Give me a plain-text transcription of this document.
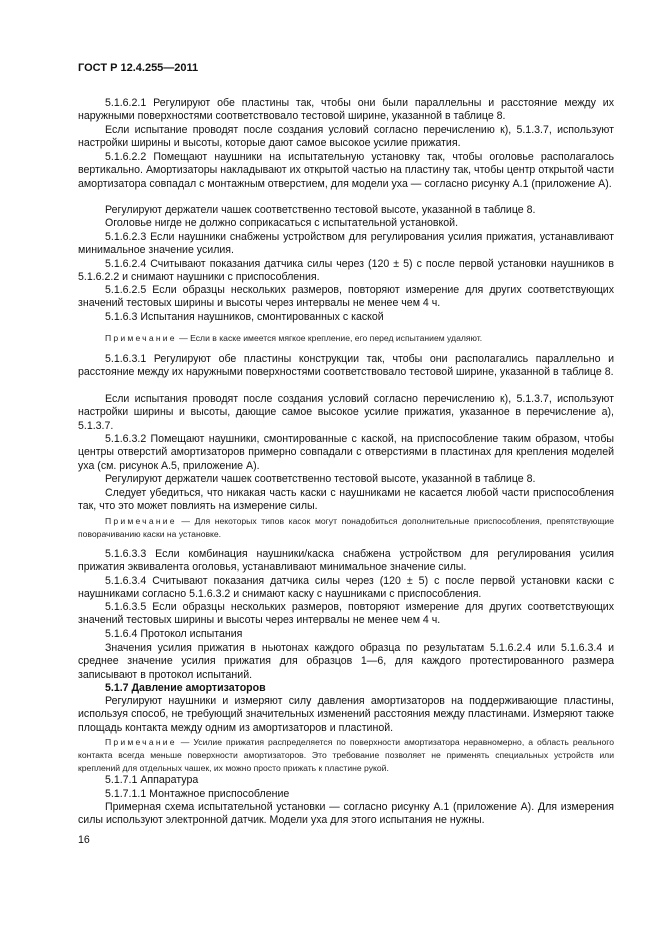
ГОСТ Р 12.4.255—2011
5.1.6.2.1 Регулируют обе пластины так, чтобы они были параллельны и расстояние между их наружными поверхностями соответствовало тестовой ширине, указанной в таблице 8.
Если испытание проводят после создания условий согласно перечислению к), 5.1.3.7, используют настройки ширины и высоты, которые дают самое высокое усилие прижатия.
5.1.6.2.2 Помещают наушники на испытательную установку так, чтобы оголовье располагалось вертикально. Амортизаторы накладывают их открытой частью на пластину так, чтобы центр открытой части амортизатора совпадал с монтажным отверстием, для модели уха — согласно рисунку А.1 (приложение А).
Регулируют держатели чашек соответственно тестовой высоте, указанной в таблице 8.
Оголовье нигде не должно соприкасаться с испытательной установкой.
5.1.6.2.3 Если наушники снабжены устройством для регулирования усилия прижатия, устанавливают минимальное значение усилия.
5.1.6.2.4 Считывают показания датчика силы через (120 ± 5) с после первой установки наушников в 5.1.6.2.2 и снимают наушники с приспособления.
5.1.6.2.5 Если образцы нескольких размеров, повторяют измерение для других соответствующих значений тестовых ширины и высоты через интервалы не менее чем 4 ч.
5.1.6.3 Испытания наушников, смонтированных с каской
Примечание — Если в каске имеется мягкое крепление, его перед испытанием удаляют.
5.1.6.3.1 Регулируют обе пластины конструкции так, чтобы они располагались параллельно и расстояние между их наружными поверхностями соответствовало тестовой ширине, указанной в таблице 8.
Если испытания проводят после создания условий согласно перечислению к), 5.1.3.7, используют настройки ширины и высоты, дающие самое высокое усилие прижатия, указанное в перечисление а), 5.1.3.7.
5.1.6.3.2 Помещают наушники, смонтированные с каской, на приспособление таким образом, чтобы центры отверстий амортизаторов примерно совпадали с отверстиями в пластинах для крепления моделей уха (см. рисунок А.5, приложение А).
Регулируют держатели чашек соответственно тестовой высоте, указанной в таблице 8.
Следует убедиться, что никакая часть каски с наушниками не касается любой части приспособления так, что это может повлиять на измерение силы.
Примечание — Для некоторых типов касок могут понадобиться дополнительные приспособления, препятствующие поворачиванию каски на установке.
5.1.6.3.3 Если комбинация наушники/каска снабжена устройством для регулирования усилия прижатия эквивалента оголовья, устанавливают минимальное значение силы.
5.1.6.3.4 Считывают показания датчика силы через (120 ± 5) с после первой установки каски с наушниками согласно 5.1.6.3.2 и снимают каску с наушниками с приспособления.
5.1.6.3.5 Если образцы нескольких размеров, повторяют измерение для других соответствующих значений тестовых ширины и высоты через интервалы не менее чем 4 ч.
5.1.6.4 Протокол испытания
Значения усилия прижатия в ньютонах каждого образца по результатам 5.1.6.2.4 или 5.1.6.3.4 и среднее значение усилия прижатия для образцов 1—6, для каждого протестированного размера записывают в протокол испытаний.
5.1.7 Давление амортизаторов
Регулируют наушники и измеряют силу давления амортизаторов на поддерживающие пластины, используя способ, не требующий значительных изменений расстояния между пластинами. Измеряют также площадь контакта между одним из амортизаторов и пластиной.
Примечание — Усилие прижатия распределяется по поверхности амортизатора неравномерно, а область реального контакта всегда меньше поверхности амортизаторов. Это требование позволяет не применять специальных устройств или креплений для отдельных чашек, их можно просто прижать к пластине рукой.
5.1.7.1 Аппаратура
5.1.7.1.1 Монтажное приспособление
Примерная схема испытательной установки — согласно рисунку А.1 (приложение А). Для измерения силы используют электронной датчик. Модели уха для этого испытания не нужны.
16
